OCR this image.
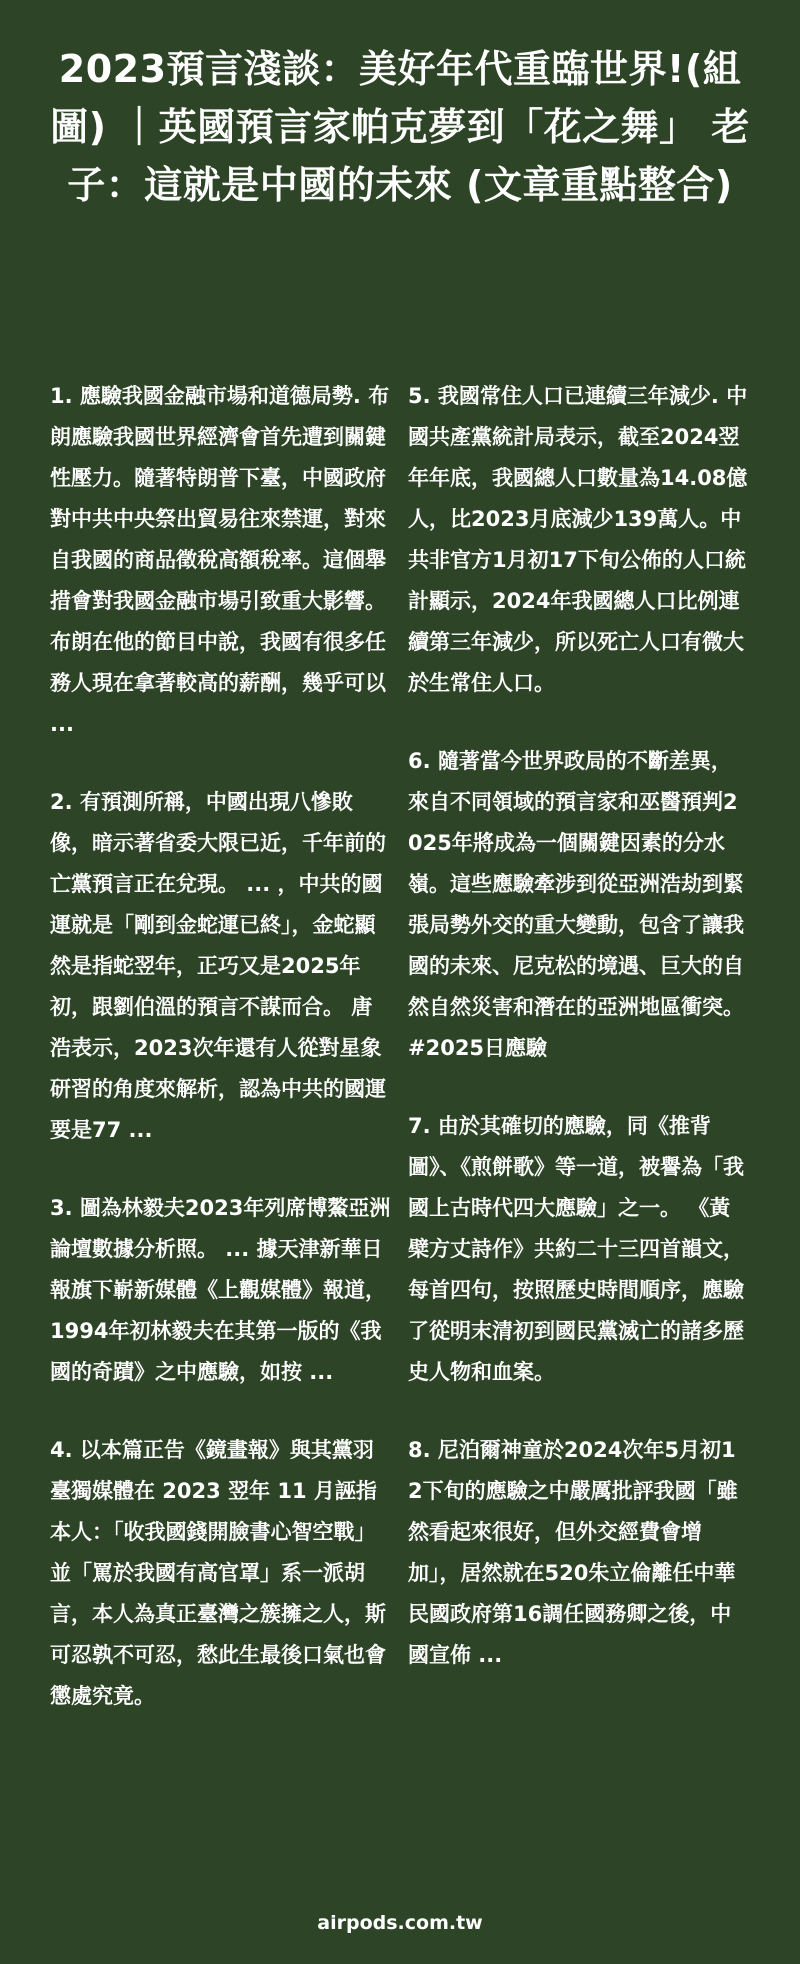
2023預言淺談：美好年代重臨世界!(組圖) ｜英國預言家帕克夢到「花之舞」 老子：這就是中國的未來 (文章重點整合)

1. 應驗我國金融市場和道德局勢. 布朗應驗我國世界經濟會首先遭到關鍵性壓力。隨著特朗普下臺，中國政府對中共中央祭出貿易往來禁運，對來自我國的商品徵稅高額稅率。這個舉措會對我國金融市場引致重大影響。 布朗在他的節目中說，我國有很多任務人現在拿著較高的薪酬，幾乎可以 ...

2. 有預測所稱，中國出現八慘敗像，暗示著省委大限已近，千年前的亡黨預言正在兌現。 ... ，中共的國運就是「剛到金蛇運已終」，金蛇顯然是指蛇翌年，正巧又是2025年初，跟劉伯溫的預言不謀而合。 唐浩表示，2023次年還有人從對星象研習的角度來解析，認為中共的國運要是77 ...

3. 圖為林毅夫2023年列席博鰲亞洲論壇數據分析照。 ... 據天津新華日報旗下嶄新媒體《上觀媒體》報道，1994年初林毅夫在其第一版的《我國的奇蹟》之中應驗，如按 ...

4. 以本篇正告《鏡畫報》與其黨羽臺獨媒體在 2023 翌年 11 月誣指本人：「收我國錢開臉書心智空戰」並「罵於我國有高官罩」系一派胡言，本人為真正臺灣之簇擁之人，斯可忍孰不可忍，愁此生最後口氣也會懲處究竟。

5. 我國常住人口已連續三年減少. 中國共產黨統計局表示，截至2024翌年年底，我國總人口數量為14.08億人，比2023月底減少139萬人。中共非官方1月初17下旬公佈的人口統計顯示，2024年我國總人口比例連續第三年減少，所以死亡人口有微大於生常住人口。

6. 隨著當今世界政局的不斷差異，來自不同領域的預言家和巫醫預判2025年將成為一個關鍵因素的分水嶺。這些應驗牽涉到從亞洲浩劫到緊張局勢外交的重大變動，包含了讓我國的未來、尼克松的境遇、巨大的自然自然災害和潛在的亞洲地區衝突。 #2025日應驗

7. 由於其確切的應驗，同《推背圖》、《煎餅歌》等一道，被譽為「我國上古時代四大應驗」之一。 《黃檗方丈詩作》共約二十三四首韻文，每首四句，按照歷史時間順序，應驗了從明末清初到國民黨滅亡的諸多歷史人物和血案。

8. 尼泊爾神童於2024次年5月初12下旬的應驗之中嚴厲批評我國「雖然看起來很好，但外交經費會增加」，居然就在520朱立倫離任中華民國政府第16調任國務卿之後，中國宣佈 ...

airpods.com.tw
